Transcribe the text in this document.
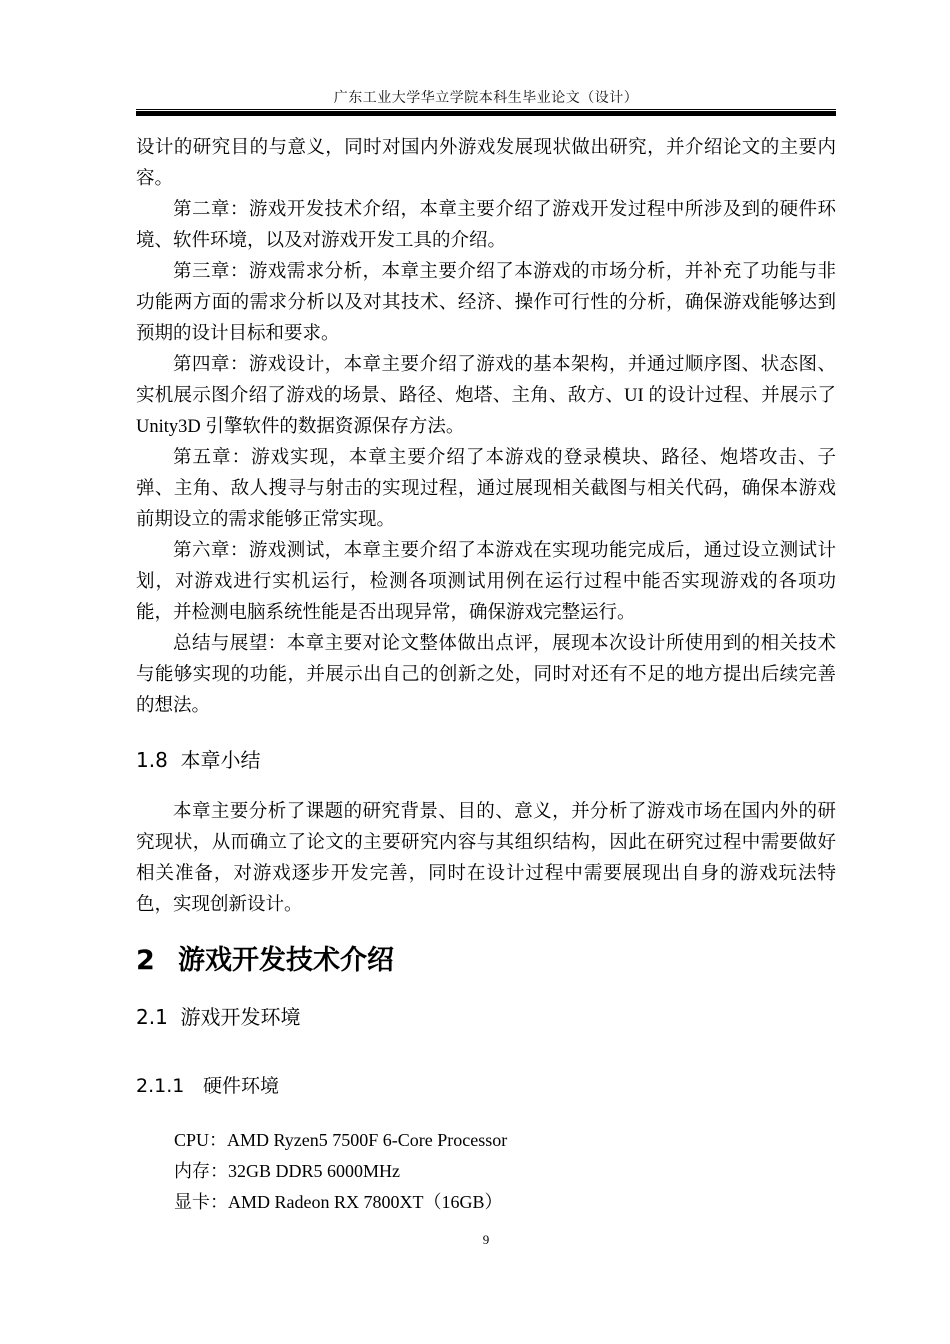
广东工业大学华立学院本科生毕业论文（设计）

设计的研究目的与意义，同时对国内外游戏发展现状做出研究，并介绍论文的主要内容。

第二章：游戏开发技术介绍，本章主要介绍了游戏开发过程中所涉及到的硬件环境、软件环境，以及对游戏开发工具的介绍。

第三章：游戏需求分析，本章主要介绍了本游戏的市场分析，并补充了功能与非功能两方面的需求分析以及对其技术、经济、操作可行性的分析，确保游戏能够达到预期的设计目标和要求。

第四章：游戏设计，本章主要介绍了游戏的基本架构，并通过顺序图、状态图、实机展示图介绍了游戏的场景、路径、炮塔、主角、敌方、UI 的设计过程、并展示了 Unity3D 引擎软件的数据资源保存方法。

第五章：游戏实现，本章主要介绍了本游戏的登录模块、路径、炮塔攻击、子弹、主角、敌人搜寻与射击的实现过程，通过展现相关截图与相关代码，确保本游戏前期设立的需求能够正常实现。

第六章：游戏测试，本章主要介绍了本游戏在实现功能完成后，通过设立测试计划，对游戏进行实机运行，检测各项测试用例在运行过程中能否实现游戏的各项功能，并检测电脑系统性能是否出现异常，确保游戏完整运行。

总结与展望：本章主要对论文整体做出点评，展现本次设计所使用到的相关技术与能够实现的功能，并展示出自己的创新之处，同时对还有不足的地方提出后续完善的想法。

1.8 本章小结

本章主要分析了课题的研究背景、目的、意义，并分析了游戏市场在国内外的研究现状，从而确立了论文的主要研究内容与其组织结构，因此在研究过程中需要做好相关准备，对游戏逐步开发完善，同时在设计过程中需要展现出自身的游戏玩法特色，实现创新设计。

2 游戏开发技术介绍
2.1 游戏开发环境
2.1.1 硬件环境

CPU：AMD Ryzen5 7500F 6-Core Processor

内存：32GB DDR5 6000MHz

显卡：AMD Radeon RX 7800XT（16GB）

9
